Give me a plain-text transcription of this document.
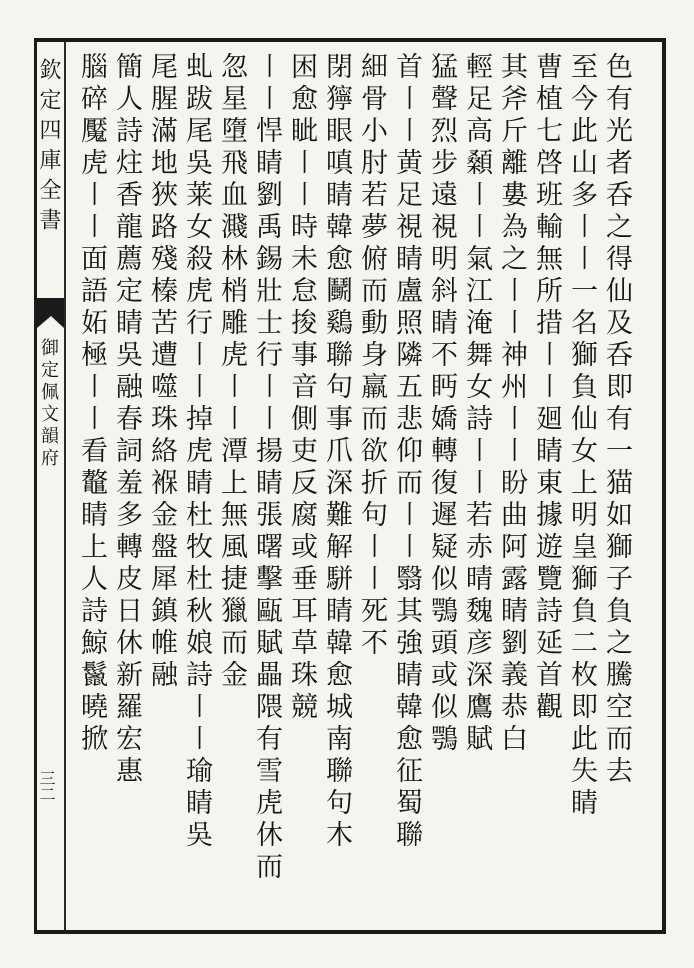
欽定四庫全書
御定佩文韻府
三二	色有光者呑之得仙及呑即有一猫如獅子負之騰空而去
至今此山多〡〡一名獅負仙女上明皇獅負二枚即此失睛
曹植七啓班輸無所措〡〡廻睛東據遊覽詩延首觀
其斧斤離婁為之〡〡神州〡〡盼曲阿露睛劉義恭白
輕足高顙〡〡氣江淹舞女詩〡〡若赤晴魏彦深鷹賦
猛聲烈步遠視明斜睛不眄嬌轉復遲疑似鶚頭或似鶚
首〡〡黄足視睛盧照隣五悲仰而〡〡翳其強睛韓愈征蜀聯
細骨小肘若夢俯而動身羸而欲折句〡〡死不
閉獰眼嗔睛韓愈鬭鷄聯句事爪深難解駢睛韓愈城南聯句木
困愈眦〡〡時未怠捘事音側吏反腐或垂耳草珠競
〡〡悍睛劉禹錫壯士行〡〡揚睛張曙擊甌賦畾隈有雪虎休而
忽星墮飛血濺林梢雕虎〡〡潭上無風捷獵而金
虬跋尾吳莱女殺虎行〡〡掉虎睛杜牧杜秋娘詩〡〡瑜睛吳
尾腥滿地狹路殘榛苦遭噬珠絡褓金盤犀鎮帷融
簡人詩炷香龍薦定睛吳融春詞羞多轉皮日休新羅宏惠
腦碎魘虎〡〡面語妬極〡〡看鼇睛上人詩鯨鬣曉掀
